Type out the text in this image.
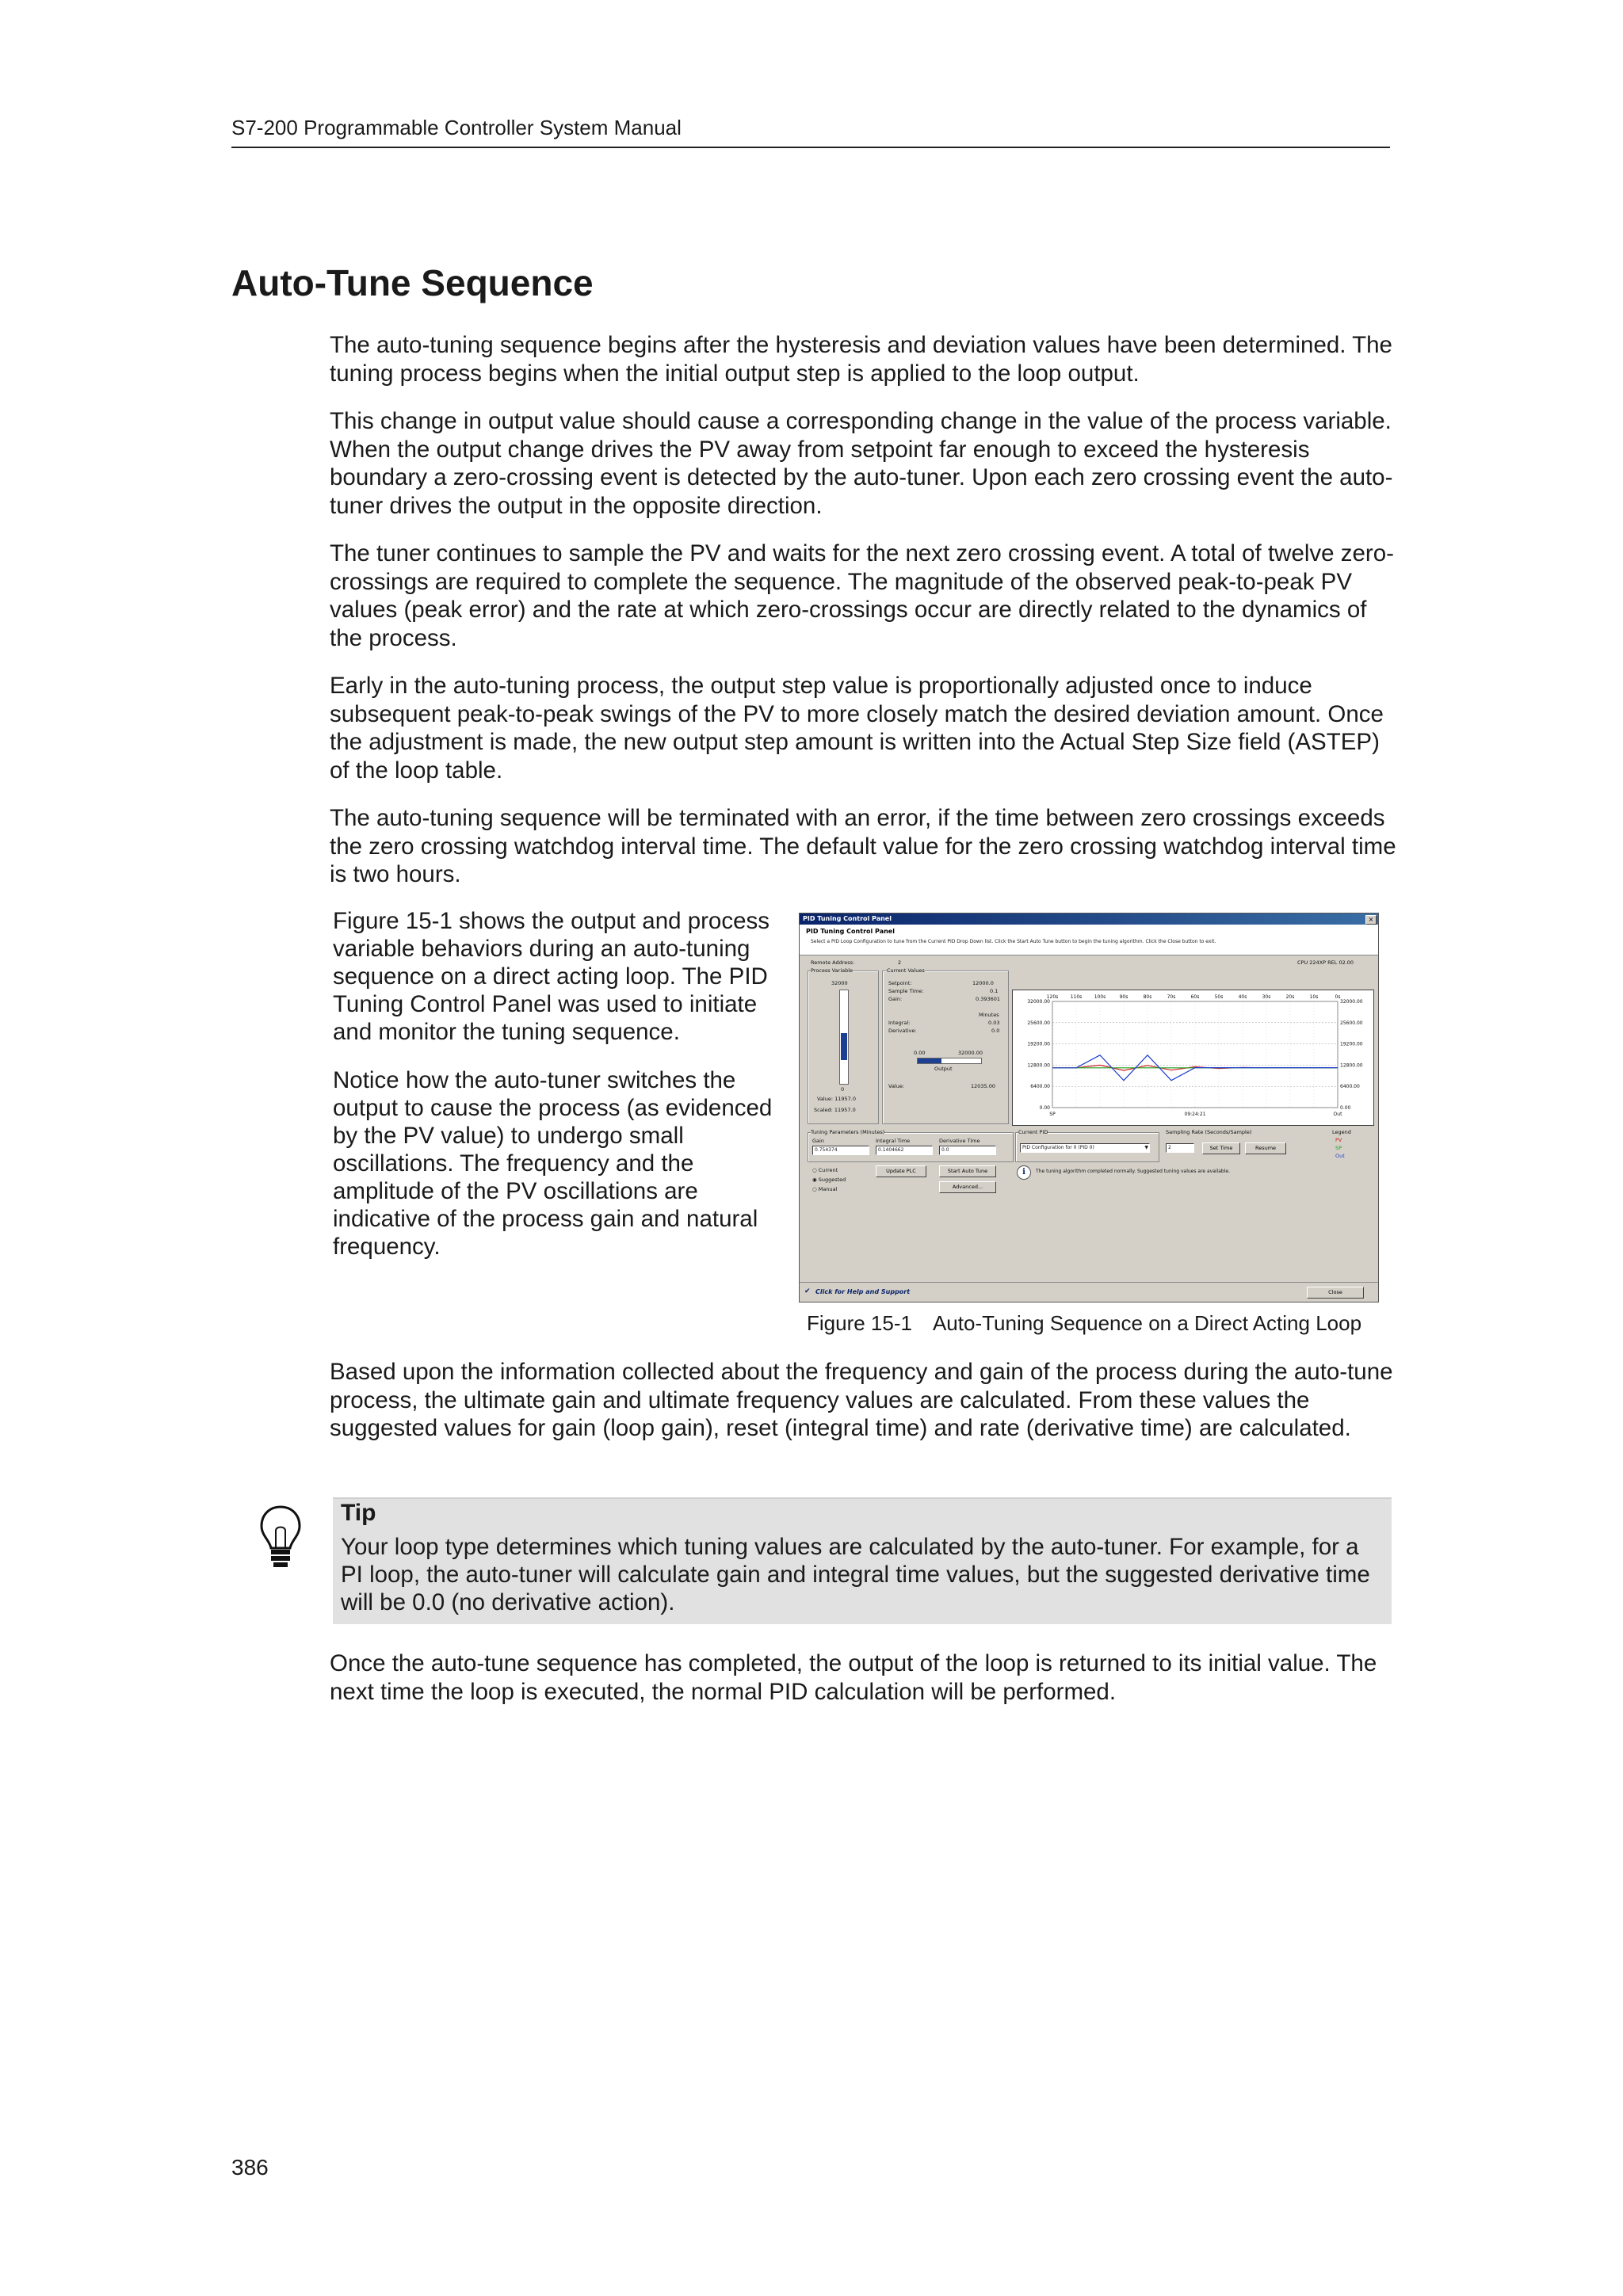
S7-200 Programmable Controller System Manual
Auto-Tune Sequence

The auto-tuning sequence begins after the hysteresis and deviation values have been determined. The tuning process begins when the initial output step is applied to the loop output.

This change in output value should cause a corresponding change in the value of the process variable. When the output change drives the PV away from setpoint far enough to exceed the hysteresis boundary a zero-crossing event is detected by the auto-tuner. Upon each zero crossing event the auto-tuner drives the output in the opposite direction.

The tuner continues to sample the PV and waits for the next zero crossing event. A total of twelve zero-crossings are required to complete the sequence. The magnitude of the observed peak-to-peak PV values (peak error) and the rate at which zero-crossings occur are directly related to the dynamics of the process.

Early in the auto-tuning process, the output step value is proportionally adjusted once to induce subsequent peak-to-peak swings of the PV to more closely match the desired deviation amount. Once the adjustment is made, the new output step amount is written into the Actual Step Size field (ASTEP) of the loop table.

The auto-tuning sequence will be terminated with an error, if the time between zero crossings exceeds the zero crossing watchdog interval time. The default value for the zero crossing watchdog interval time is two hours.

Figure 15-1 shows the output and process variable behaviors during an auto-tuning sequence on a direct acting loop. The PID Tuning Control Panel was used to initiate and monitor the tuning sequence.

Notice how the auto-tuner switches the output to cause the process (as evidenced by the PV value) to undergo small oscillations. The frequency and the amplitude of the PV oscillations are indicative of the process gain and natural frequency.

PID Tuning Control Panel	×
PID Tuning Control Panel
Select a PID Loop Configuration to tune from the Current PID Drop Down list. Click the Start Auto Tune button to begin the tuning algorithm. Click the Close button to exit.
Remote Address:	2	CPU 224XP REL 02.00
Process Variable
32000
0
Value: 11957.0
Scaled: 11957.0
Current Values
Setpoint:	12000.0
Sample Time:	0.1
Gain:	0.393601
Minutes
Integral:	0.03
Derivative:	0.0
0.00	32000.00
Output
Value:	12035.00
32000.00	32000.00
25600.00	25600.00
19200.00	19200.00
12800.00	12800.00
6400.00	6400.00
0.00	0.00
120s	110s	100s	90s	80s	70s	60s	50s	40s	30s	20s	10s	0s
SP	09:24:21	Out
Tuning Parameters (Minutes)
Gain
0.754374
Integral Time
0.1404662
Derivative Time
0.0
○ Current
◉ Suggested
○ Manual
Update PLC	Start Auto Tune
Advanced...
Current PID
PID Configuration for 0 (PID 0)	▼
Sampling Rate (Seconds/Sample)
2	Set Time	Resume
Legend
PV
SP
Out
i	The tuning algorithm completed normally. Suggested tuning values are available.
✔ Click for Help and Support	Close
Figure 15-1 Auto-Tuning Sequence on a Direct Acting Loop

Based upon the information collected about the frequency and gain of the process during the auto-tune process, the ultimate gain and ultimate frequency values are calculated. From these values the suggested values for gain (loop gain), reset (integral time) and rate (derivative time) are calculated.

Tip

Your loop type determines which tuning values are calculated by the auto-tuner. For example, for a PI loop, the auto-tuner will calculate gain and integral time values, but the suggested derivative time will be 0.0 (no derivative action).

Once the auto-tune sequence has completed, the output of the loop is returned to its initial value. The next time the loop is executed, the normal PID calculation will be performed.

386
